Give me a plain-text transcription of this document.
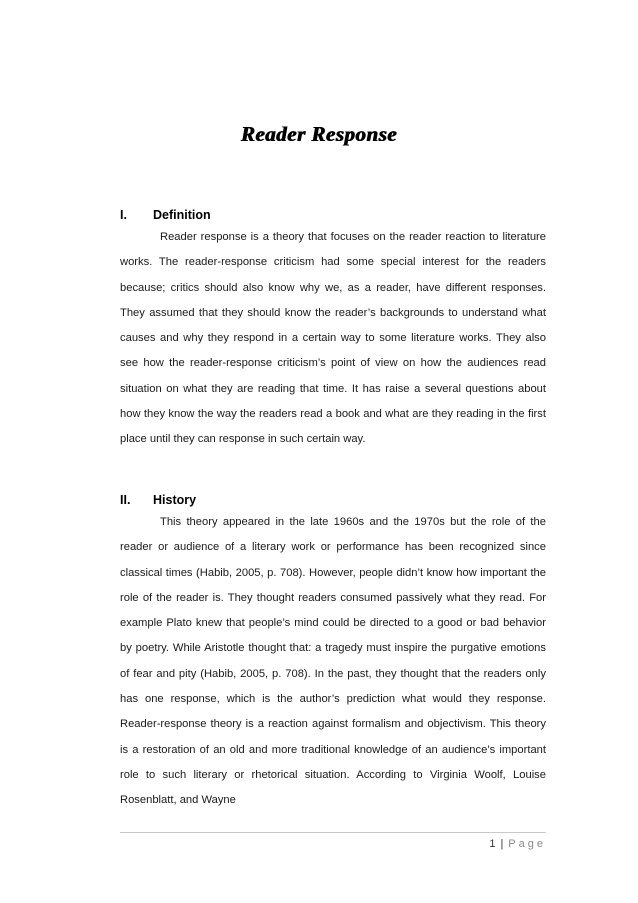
Reader Response
I. Definition

Reader response is a theory that focuses on the reader reaction to literature works. The reader-response criticism had some special interest for the readers because; critics should also know why we, as a reader, have different responses. They assumed that they should know the reader’s backgrounds to understand what causes and why they respond in a certain way to some literature works. They also see how the reader-response criticism’s point of view on how the audiences read situation on what they are reading that time. It has raise a several questions about how they know the way the readers read a book and what are they reading in the first place until they can response in such certain way.

II. History

This theory appeared in the late 1960s and the 1970s but the role of the reader or audience of a literary work or performance has been recognized since classical times (Habib, 2005, p. 708). However, people didn’t know how important the role of the reader is. They thought readers consumed passively what they read. For example Plato knew that people’s mind could be directed to a good or bad behavior by poetry. While Aristotle thought that: a tragedy must inspire the purgative emotions of fear and pity (Habib, 2005, p. 708). In the past, they thought that the readers only has one response, which is the author’s prediction what would they response. Reader-response theory is a reaction against formalism and objectivism. This theory is a restoration of an old and more traditional knowledge of an audience’s important role to such literary or rhetorical situation. According to Virginia Woolf, Louise Rosenblatt, and Wayne

1 | Page
